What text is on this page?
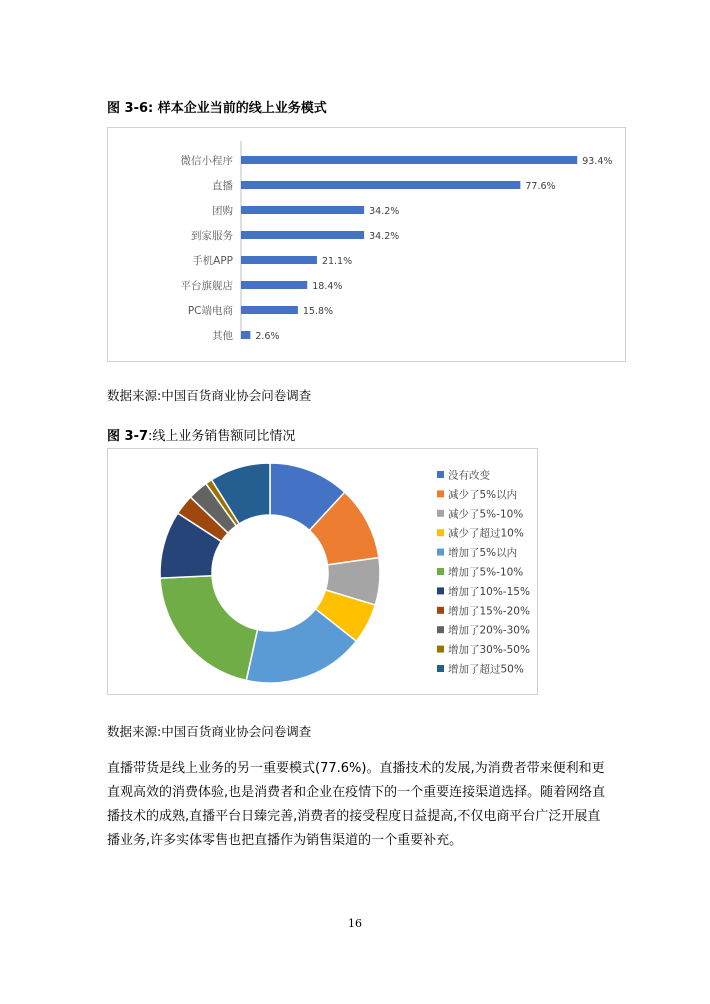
图 3-6: 样本企业当前的线上业务模式
微信小程序	93.4%
直播	77.6%
团购	34.2%
到家服务	34.2%
手机APP	21.1%
平台旗舰店	18.4%
PC端电商	15.8%
其他 2.6%
数据来源:中国百货商业协会问卷调查
图 3-7:线上业务销售额同比情况
没有改变
减少了5%以内
减少了5%-10%
减少了超过10%
增加了5%以内
增加了5%-10%
增加了10%-15%
增加了15%-20%
增加了20%-30%
增加了30%-50%
增加了超过50%
数据来源:中国百货商业协会问卷调查

直播带货是线上业务的另一重要模式(77.6%)。直播技术的发展,为消费者带来便利和更直观高效的消费体验,也是消费者和企业在疫情下的一个重要连接渠道选择。随着网络直播技术的成熟,直播平台日臻完善,消费者的接受程度日益提高,不仅电商平台广泛开展直播业务,许多实体零售也把直播作为销售渠道的一个重要补充。

16
